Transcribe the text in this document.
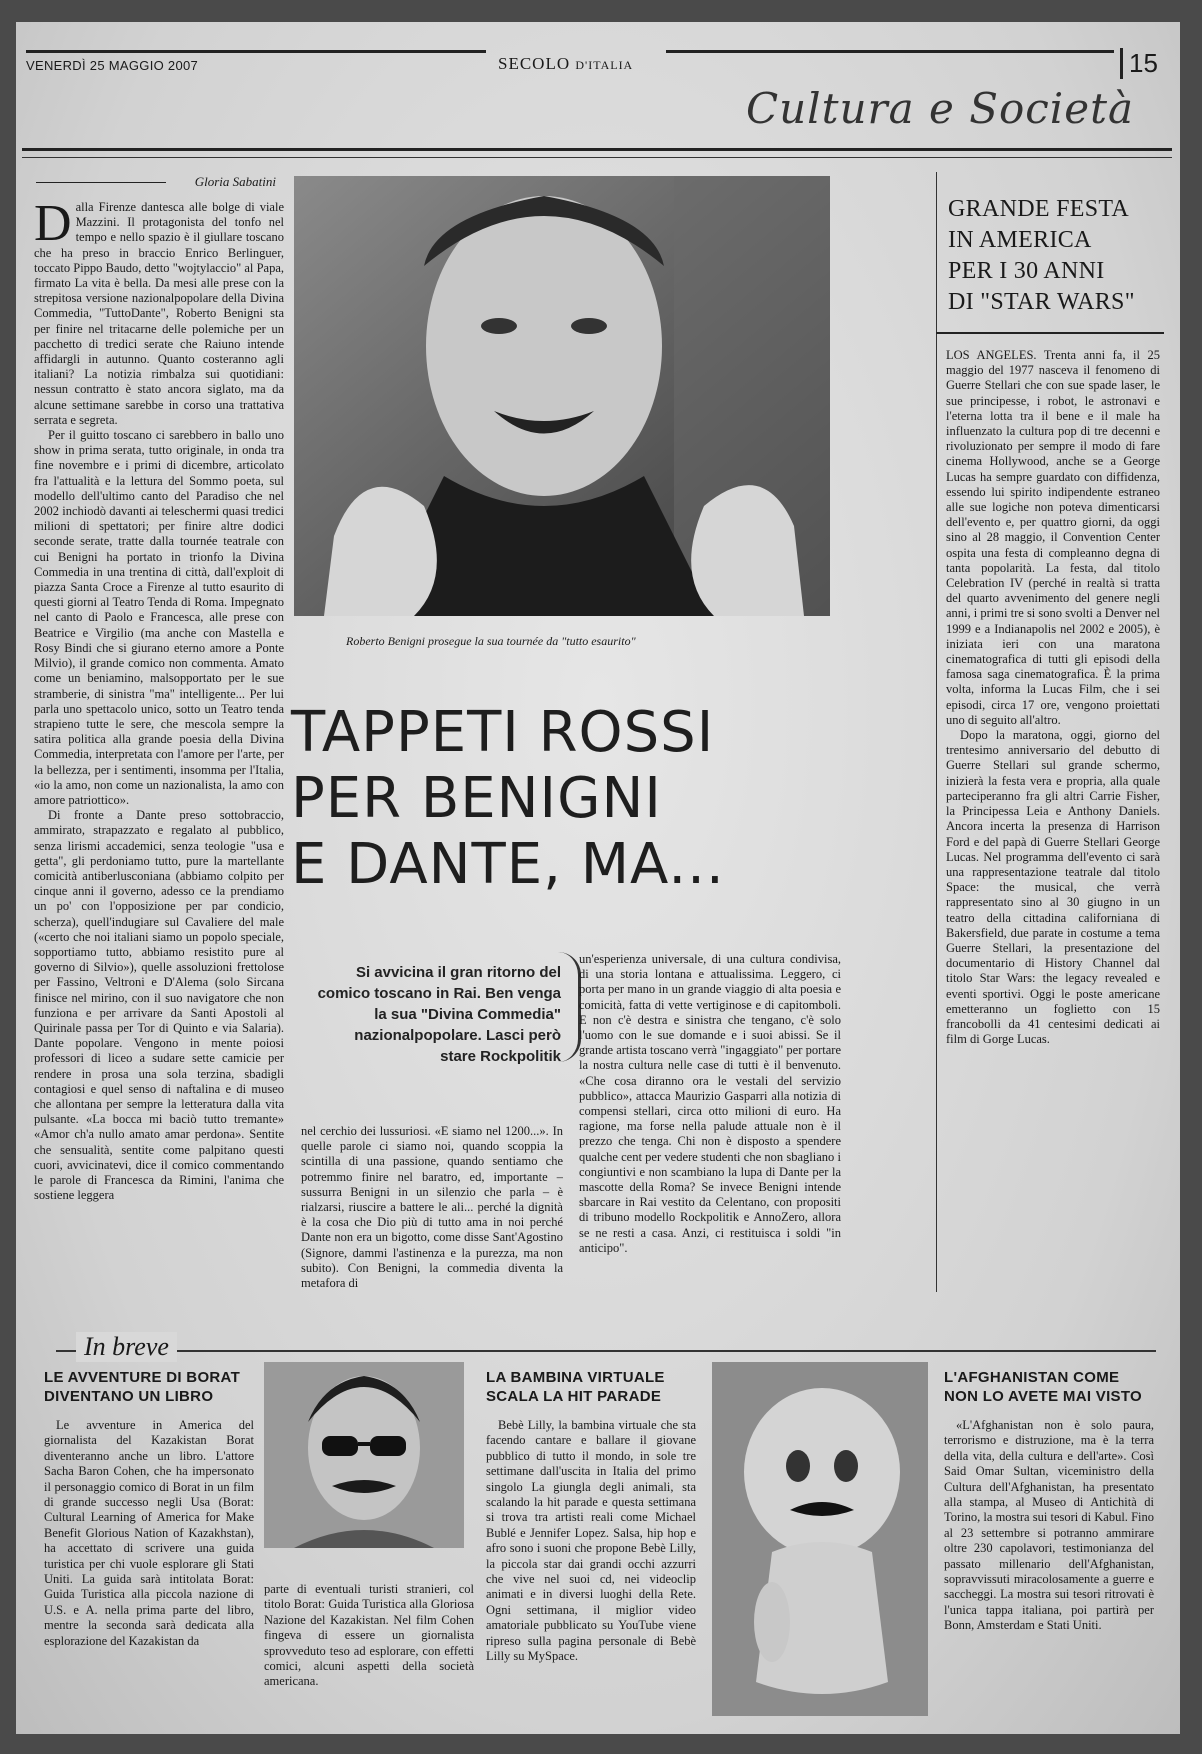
VENERDÌ 25 MAGGIO 2007	SECOLO D'ITALIA	15
Cultura e Società
Gloria Sabatini

Dalla Firenze dantesca alle bolge di viale Mazzini. Il protagonista del tonfo nel tempo e nello spazio è il giullare toscano che ha preso in braccio Enrico Berlinguer, toccato Pippo Baudo, detto "wojtylaccio" al Papa, firmato La vita è bella. Da mesi alle prese con la strepitosa versione nazionalpopolare della Divina Commedia, "TuttoDante", Roberto Benigni sta per finire nel tritacarne delle polemiche per un pacchetto di tredici serate che Raiuno intende affidargli in autunno. Quanto costeranno agli italiani? La notizia rimbalza sui quotidiani: nessun contratto è stato ancora siglato, ma da alcune settimane sarebbe in corso una trattativa serrata e segreta.

Per il guitto toscano ci sarebbero in ballo uno show in prima serata, tutto originale, in onda tra fine novembre e i primi di dicembre, articolato fra l'attualità e la lettura del Sommo poeta, sul modello dell'ultimo canto del Paradiso che nel 2002 inchiodò davanti ai teleschermi quasi tredici milioni di spettatori; per finire altre dodici seconde serate, tratte dalla tournée teatrale con cui Benigni ha portato in trionfo la Divina Commedia in una trentina di città, dall'exploit di piazza Santa Croce a Firenze al tutto esaurito di questi giorni al Teatro Tenda di Roma. Impegnato nel canto di Paolo e Francesca, alle prese con Beatrice e Virgilio (ma anche con Mastella e Rosy Bindi che si giurano eterno amore a Ponte Milvio), il grande comico non commenta. Amato come un beniamino, malsopportato per le sue stramberie, di sinistra "ma" intelligente... Per lui parla uno spettacolo unico, sotto un Teatro tenda strapieno tutte le sere, che mescola sempre la satira politica alla grande poesia della Divina Commedia, interpretata con l'amore per l'arte, per la bellezza, per i sentimenti, insomma per l'Italia, «io la amo, non come un nazionalista, la amo con amore patriottico».

Di fronte a Dante preso sottobraccio, ammirato, strapazzato e regalato al pubblico, senza lirismi accademici, senza teologie "usa e getta", gli perdoniamo tutto, pure la martellante comicità antiberlusconiana (abbiamo colpito per cinque anni il governo, adesso ce la prendiamo un po' con l'opposizione per par condicio, scherza), quell'indugiare sul Cavaliere del male («certo che noi italiani siamo un popolo speciale, sopportiamo tutto, abbiamo resistito pure al governo di Silvio»), quelle assoluzioni frettolose per Fassino, Veltroni e D'Alema (solo Sircana finisce nel mirino, con il suo navigatore che non funziona e per arrivare da Santi Apostoli al Quirinale passa per Tor di Quinto e via Salaria). Dante popolare. Vengono in mente poiosi professori di liceo a sudare sette camicie per rendere in prosa una sola terzina, sbadigli contagiosi e quel senso di naftalina e di museo che allontana per sempre la letteratura dalla vita pulsante. «La bocca mi baciò tutto tremante» «Amor ch'a nullo amato amar perdona». Sentite che sensualità, sentite come palpitano questi cuori, avvicinatevi, dice il comico commentando le parole di Francesca da Rimini, l'anima che sostiene leggera

Roberto Benigni prosegue la sua tournée da "tutto esaurito"
TAPPETI ROSSI
PER BENIGNI
E DANTE, MA...
Si avvicina il gran ritorno del comico toscano in Rai. Ben venga la sua "Divina Commedia" nazionalpopolare. Lasci però stare Rockpolitik

nel cerchio dei lussuriosi. «E siamo nel 1200...». In quelle parole ci siamo noi, quando scoppia la scintilla di una passione, quando sentiamo che potremmo finire nel baratro, ed, importante – sussurra Benigni in un silenzio che parla – è rialzarsi, riuscire a battere le ali... perché la dignità è la cosa che Dio più di tutto ama in noi perché Dante non era un bigotto, come disse Sant'Agostino (Signore, dammi l'astinenza e la purezza, ma non subito). Con Benigni, la commedia diventa la metafora di

un'esperienza universale, di una cultura condivisa, di una storia lontana e attualissima. Leggero, ci porta per mano in un grande viaggio di alta poesia e comicità, fatta di vette vertiginose e di capitomboli. E non c'è destra e sinistra che tengano, c'è solo l'uomo con le sue domande e i suoi abissi. Se il grande artista toscano verrà "ingaggiato" per portare la nostra cultura nelle case di tutti è il benvenuto. «Che cosa diranno ora le vestali del servizio pubblico», attacca Maurizio Gasparri alla notizia di compensi stellari, circa otto milioni di euro. Ha ragione, ma forse nella palude attuale non è il prezzo che tenga. Chi non è disposto a spendere qualche cent per vedere studenti che non sbagliano i congiuntivi e non scambiano la lupa di Dante per la mascotte della Roma? Se invece Benigni intende sbarcare in Rai vestito da Celentano, con propositi di tribuno modello Rockpolitik e AnnoZero, allora se ne resti a casa. Anzi, ci restituisca i soldi "in anticipo".

GRANDE FESTA
IN AMERICA
PER I 30 ANNI
DI "STAR WARS"

LOS ANGELES. Trenta anni fa, il 25 maggio del 1977 nasceva il fenomeno di Guerre Stellari che con sue spade laser, le sue principesse, i robot, le astronavi e l'eterna lotta tra il bene e il male ha influenzato la cultura pop di tre decenni e rivoluzionato per sempre il modo di fare cinema Hollywood, anche se a George Lucas ha sempre guardato con diffidenza, essendo lui spirito indipendente estraneo alle sue logiche non poteva dimenticarsi dell'evento e, per quattro giorni, da oggi sino al 28 maggio, il Convention Center ospita una festa di compleanno degna di tanta popolarità. La festa, dal titolo Celebration IV (perché in realtà si tratta del quarto avvenimento del genere negli anni, i primi tre si sono svolti a Denver nel 1999 e a Indianapolis nel 2002 e 2005), è iniziata ieri con una maratona cinematografica di tutti gli episodi della famosa saga cinematografica. È la prima volta, informa la Lucas Film, che i sei episodi, circa 17 ore, vengono proiettati uno di seguito all'altro.

Dopo la maratona, oggi, giorno del trentesimo anniversario del debutto di Guerre Stellari sul grande schermo, inizierà la festa vera e propria, alla quale parteciperanno fra gli altri Carrie Fisher, la Principessa Leia e Anthony Daniels. Ancora incerta la presenza di Harrison Ford e del papà di Guerre Stellari George Lucas. Nel programma dell'evento ci sarà una rappresentazione teatrale dal titolo Space: the musical, che verrà rappresentato sino al 30 giugno in un teatro della cittadina californiana di Bakersfield, due parate in costume a tema Guerre Stellari, la presentazione del documentario di History Channel dal titolo Star Wars: the legacy revealed e eventi sportivi. Oggi le poste americane emetteranno un foglietto con 15 francobolli da 41 centesimi dedicati ai film di Gorge Lucas.

In breve
LE AVVENTURE DI BORAT DIVENTANO UN LIBRO

Le avventure in America del giornalista del Kazakistan Borat diventeranno anche un libro. L'attore Sacha Baron Cohen, che ha impersonato il personaggio comico di Borat in un film di grande successo negli Usa (Borat: Cultural Learning of America for Make Benefit Glorious Nation of Kazakhstan), ha accettato di scrivere una guida turistica per chi vuole esplorare gli Stati Uniti. La guida sarà intitolata Borat: Guida Turistica alla piccola nazione di U.S. e A. nella prima parte del libro, mentre la seconda sarà dedicata alla esplorazione del Kazakistan da

parte di eventuali turisti stranieri, col titolo Borat: Guida Turistica alla Gloriosa Nazione del Kazakistan. Nel film Cohen fingeva di essere un giornalista sprovveduto teso ad esplorare, con effetti comici, alcuni aspetti della società americana.

LA BAMBINA VIRTUALE SCALA LA HIT PARADE

Bebè Lilly, la bambina virtuale che sta facendo cantare e ballare il giovane pubblico di tutto il mondo, in sole tre settimane dall'uscita in Italia del primo singolo La giungla degli animali, sta scalando la hit parade e questa settimana si trova tra artisti reali come Michael Bublé e Jennifer Lopez. Salsa, hip hop e afro sono i suoni che propone Bebè Lilly, la piccola star dai grandi occhi azzurri che vive nel suoi cd, nei videoclip animati e in diversi luoghi della Rete. Ogni settimana, il miglior video amatoriale pubblicato su YouTube viene ripreso sulla pagina personale di Bebè Lilly su MySpace.

L'AFGHANISTAN COME NON LO AVETE MAI VISTO

«L'Afghanistan non è solo paura, terrorismo e distruzione, ma è la terra della vita, della cultura e dell'arte». Così Said Omar Sultan, viceministro della Cultura dell'Afghanistan, ha presentato alla stampa, al Museo di Antichità di Torino, la mostra sui tesori di Kabul. Fino al 23 settembre si potranno ammirare oltre 230 capolavori, testimonianza del passato millenario dell'Afghanistan, sopravvissuti miracolosamente a guerre e saccheggi. La mostra sui tesori ritrovati è l'unica tappa italiana, poi partirà per Bonn, Amsterdam e Stati Uniti.
